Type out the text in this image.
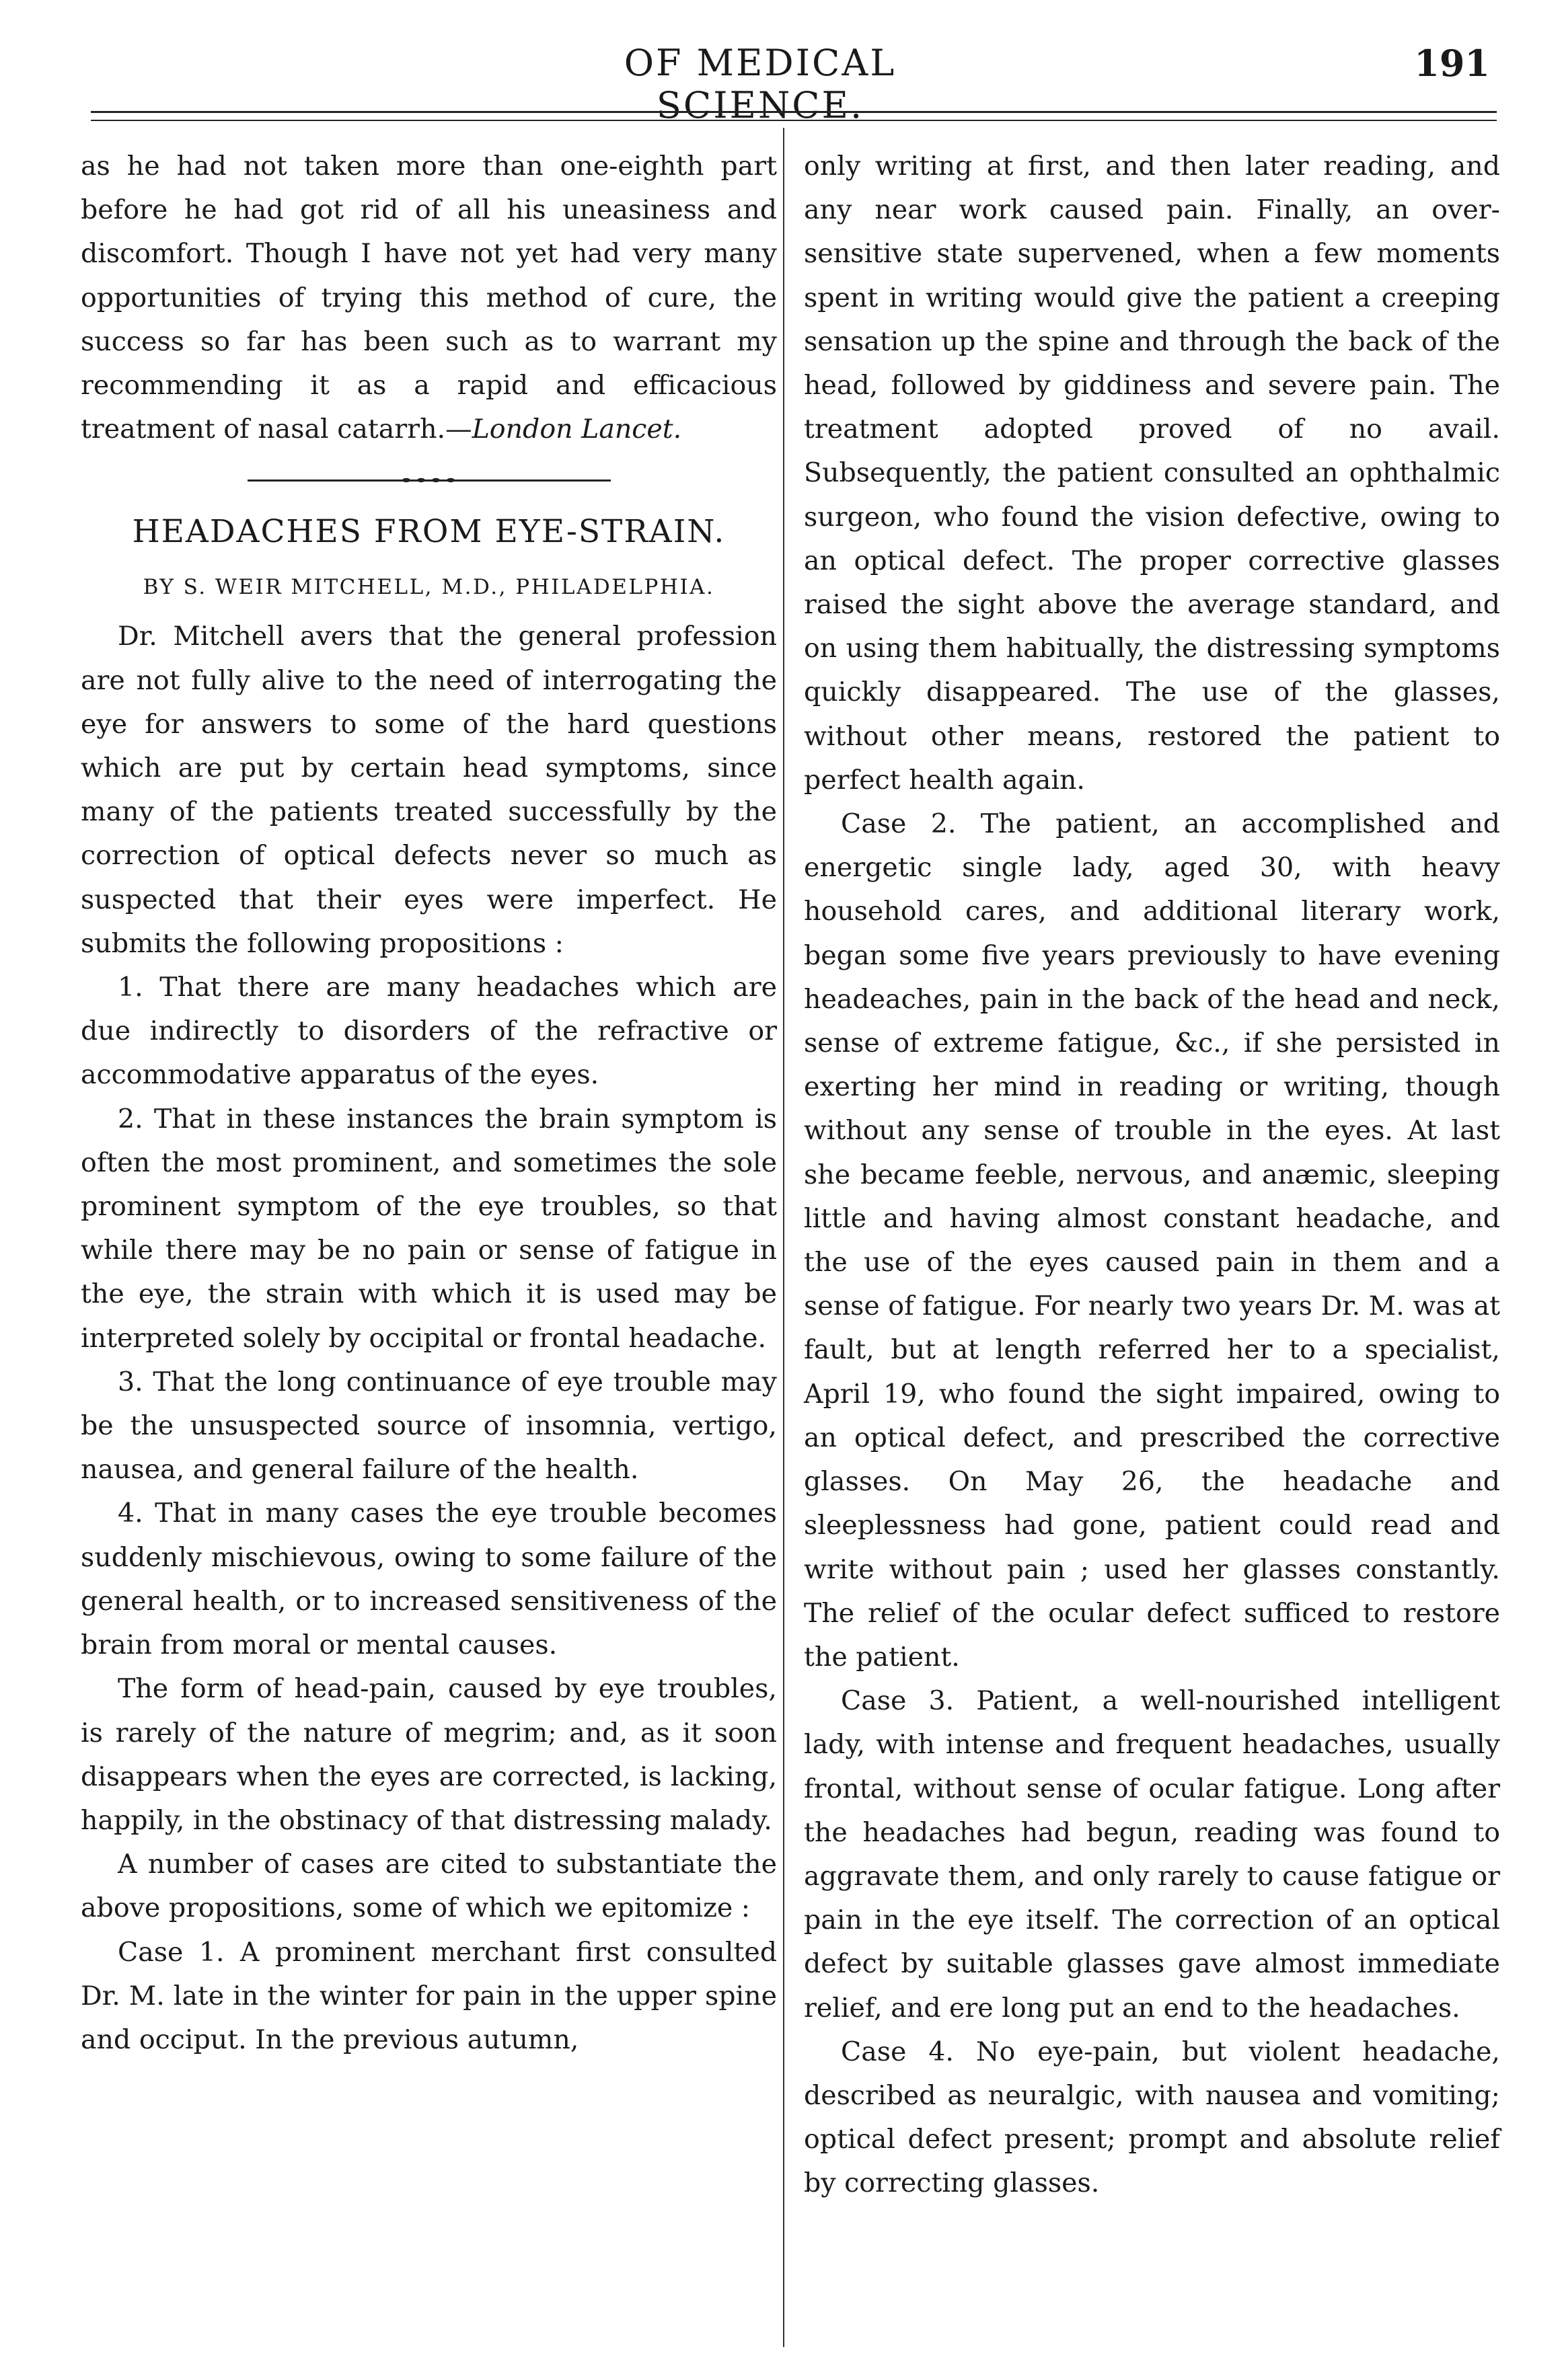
OF MEDICAL SCIENCE.
191

as he had not taken more than one-eighth part before he had got rid of all his uneasiness and discomfort. Though I have not yet had very many opportunities of trying this method of cure, the success so far has been such as to warrant my recommending it as a rapid and efficacious treatment of nasal catarrh.—London Lancet.

HEADACHES FROM EYE-STRAIN.
BY S. WEIR MITCHELL, M.D., PHILADELPHIA.

Dr. Mitchell avers that the general profession are not fully alive to the need of interrogating the eye for answers to some of the hard questions which are put by certain head symptoms, since many of the patients treated successfully by the correction of optical defects never so much as suspected that their eyes were imperfect. He submits the following propositions :

1. That there are many headaches which are due indirectly to disorders of the refractive or accommodative apparatus of the eyes.

2. That in these instances the brain symptom is often the most prominent, and sometimes the sole prominent symptom of the eye troubles, so that while there may be no pain or sense of fatigue in the eye, the strain with which it is used may be interpreted solely by occipital or frontal headache.

3. That the long continuance of eye trouble may be the unsuspected source of insomnia, vertigo, nausea, and general failure of the health.

4. That in many cases the eye trouble becomes suddenly mischievous, owing to some failure of the general health, or to increased sensitiveness of the brain from moral or mental causes.

The form of head-pain, caused by eye troubles, is rarely of the nature of megrim; and, as it soon disappears when the eyes are corrected, is lacking, happily, in the obstinacy of that distressing malady.

A number of cases are cited to substantiate the above propositions, some of which we epitomize :

Case 1. A prominent merchant first consulted Dr. M. late in the winter for pain in the upper spine and occiput. In the previous autumn,

only writing at first, and then later reading, and any near work caused pain. Finally, an over-sensitive state supervened, when a few moments spent in writing would give the patient a creeping sensation up the spine and through the back of the head, followed by giddiness and severe pain. The treatment adopted proved of no avail. Subsequently, the patient consulted an ophthalmic surgeon, who found the vision defective, owing to an optical defect. The proper corrective glasses raised the sight above the average standard, and on using them habitually, the distressing symptoms quickly disappeared. The use of the glasses, without other means, restored the patient to perfect health again.

Case 2. The patient, an accomplished and energetic single lady, aged 30, with heavy household cares, and additional literary work, began some five years previously to have evening headeaches, pain in the back of the head and neck, sense of extreme fatigue, &c., if she persisted in exerting her mind in reading or writing, though without any sense of trouble in the eyes. At last she became feeble, nervous, and anæmic, sleeping little and having almost constant headache, and the use of the eyes caused pain in them and a sense of fatigue. For nearly two years Dr. M. was at fault, but at length referred her to a specialist, April 19, who found the sight impaired, owing to an optical defect, and prescribed the corrective glasses. On May 26, the headache and sleeplessness had gone, patient could read and write without pain ; used her glasses constantly. The relief of the ocular defect sufficed to restore the patient.

Case 3. Patient, a well-nourished intelligent lady, with intense and frequent headaches, usually frontal, without sense of ocular fatigue. Long after the headaches had begun, reading was found to aggravate them, and only rarely to cause fatigue or pain in the eye itself. The correction of an optical defect by suitable glasses gave almost immediate relief, and ere long put an end to the headaches.

Case 4. No eye-pain, but violent headache, described as neuralgic, with nausea and vomiting; optical defect present; prompt and absolute relief by correcting glasses.
